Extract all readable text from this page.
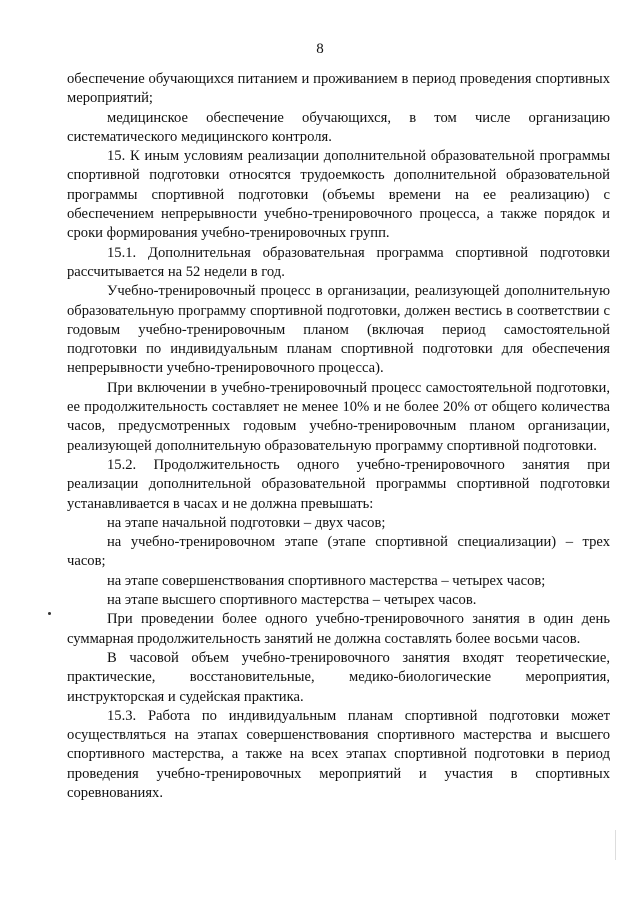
8

обеспечение обучающихся питанием и проживанием в период проведения спортивных мероприятий;

медицинское обеспечение обучающихся, в том числе организацию систематического медицинского контроля.

15. К иным условиям реализации дополнительной образовательной программы спортивной подготовки относятся трудоемкость дополнительной образовательной программы спортивной подготовки (объемы времени на ее реализацию) с обеспечением непрерывности учебно-тренировочного процесса, а также порядок и сроки формирования учебно-тренировочных групп.

15.1. Дополнительная образовательная программа спортивной подготовки рассчитывается на 52 недели в год.

Учебно-тренировочный процесс в организации, реализующей дополнительную образовательную программу спортивной подготовки, должен вестись в соответствии с годовым учебно-тренировочным планом (включая период самостоятельной подготовки по индивидуальным планам спортивной подготовки для обеспечения непрерывности учебно-тренировочного процесса).

При включении в учебно-тренировочный процесс самостоятельной подготовки, ее продолжительность составляет не менее 10% и не более 20% от общего количества часов, предусмотренных годовым учебно-тренировочным планом организации, реализующей дополнительную образовательную программу спортивной подготовки.

15.2. Продолжительность одного учебно-тренировочного занятия при реализации дополнительной образовательной программы спортивной подготовки устанавливается в часах и не должна превышать:

на этапе начальной подготовки – двух часов;

на учебно-тренировочном этапе (этапе спортивной специализации) – трех часов;

на этапе совершенствования спортивного мастерства – четырех часов;

на этапе высшего спортивного мастерства – четырех часов.

При проведении более одного учебно-тренировочного занятия в один день суммарная продолжительность занятий не должна составлять более восьми часов.

В часовой объем учебно-тренировочного занятия входят теоретические, практические, восстановительные, медико-биологические мероприятия, инструкторская и судейская практика.

15.3. Работа по индивидуальным планам спортивной подготовки может осуществляться на этапах совершенствования спортивного мастерства и высшего спортивного мастерства, а также на всех этапах спортивной подготовки в период проведения учебно-тренировочных мероприятий и участия в спортивных соревнованиях.
